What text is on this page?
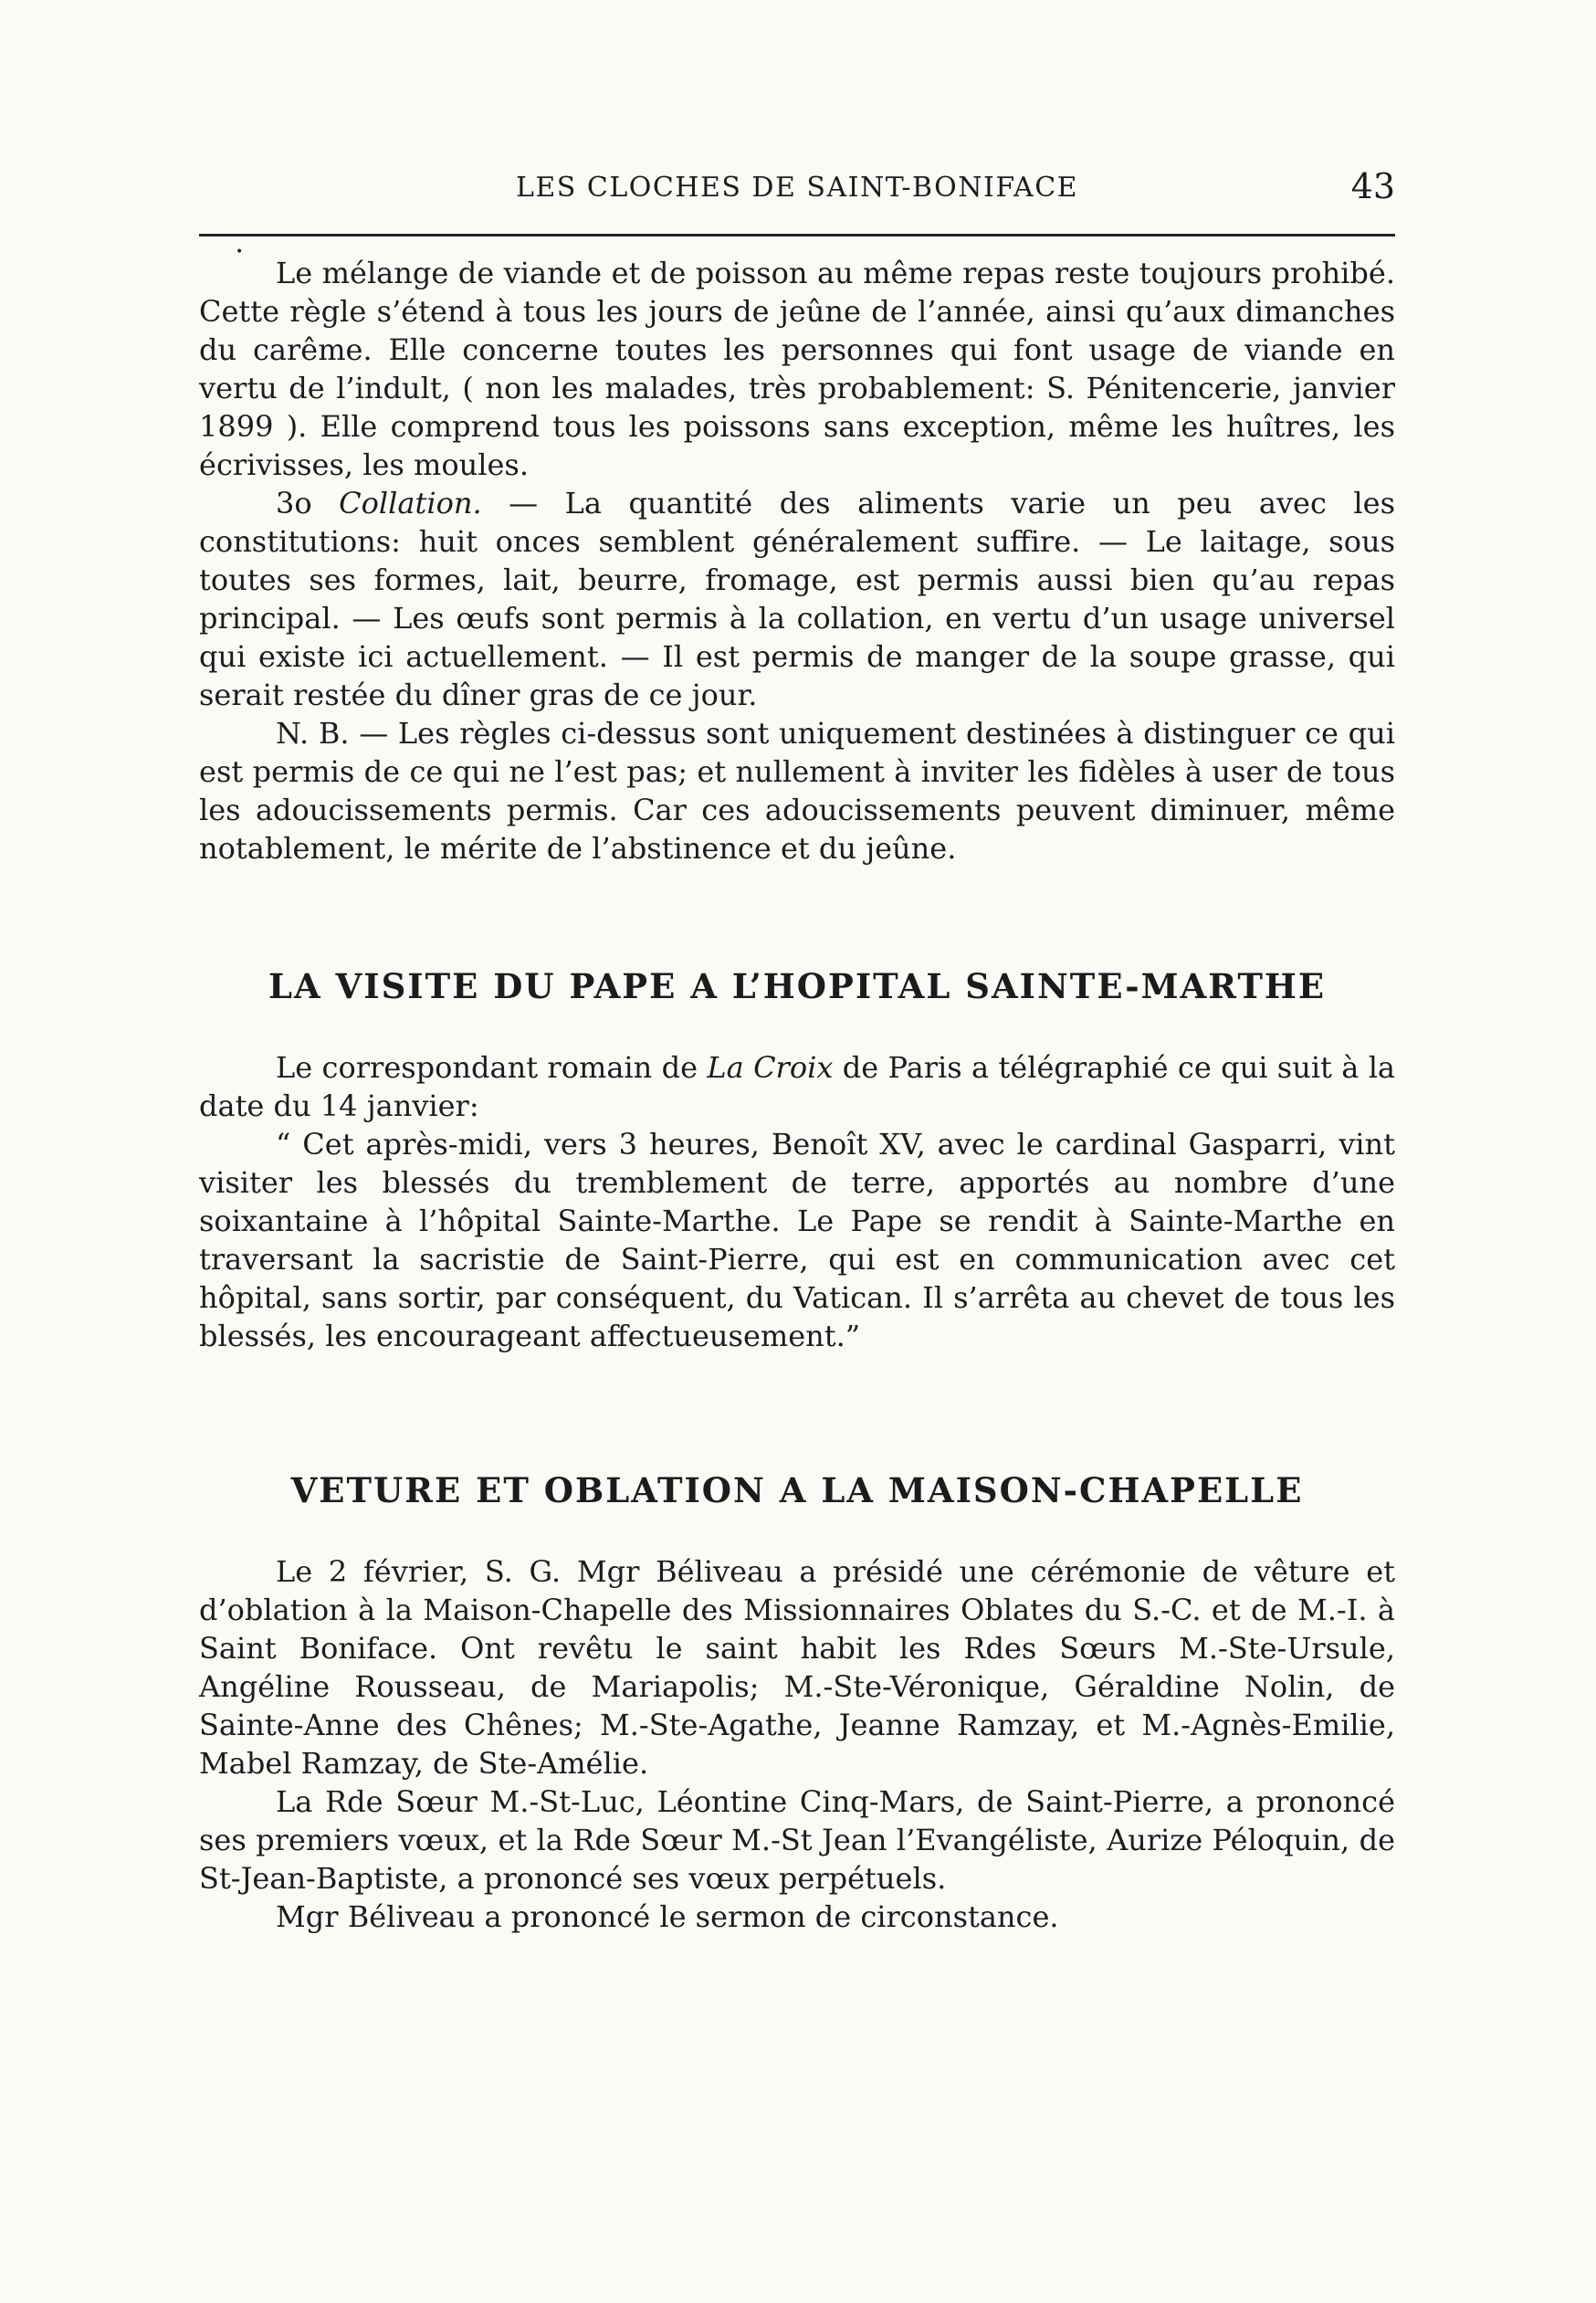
LES CLOCHES DE SAINT-BONIFACE	43
•

Le mélange de viande et de poisson au même repas reste toujours prohibé. Cette règle s’étend à tous les jours de jeûne de l’année, ainsi qu’aux dimanches du carême. Elle concerne toutes les personnes qui font usage de viande en vertu de l’indult, ( non les malades, très probablement: S. Pénitencerie, janvier 1899 ). Elle comprend tous les poissons sans exception, même les huîtres, les écrivisses, les moules.

3o Collation. — La quantité des aliments varie un peu avec les constitutions: huit onces semblent généralement suffire. — Le laitage, sous toutes ses formes, lait, beurre, fromage, est permis aussi bien qu’au repas principal. — Les œufs sont permis à la collation, en vertu d’un usage universel qui existe ici actuellement. — Il est permis de manger de la soupe grasse, qui serait restée du dîner gras de ce jour.

N. B. — Les règles ci-dessus sont uniquement destinées à distinguer ce qui est permis de ce qui ne l’est pas; et nullement à inviter les fidèles à user de tous les adoucissements permis. Car ces adoucissements peuvent diminuer, même notablement, le mérite de l’abstinence et du jeûne.

LA VISITE DU PAPE A L’HOPITAL SAINTE-MARTHE

Le correspondant romain de La Croix de Paris a télégraphié ce qui suit à la date du 14 janvier:

“ Cet après-midi, vers 3 heures, Benoît XV, avec le cardinal Gasparri, vint visiter les blessés du tremblement de terre, apportés au nombre d’une soixantaine à l’hôpital Sainte-Marthe. Le Pape se rendit à Sainte-Marthe en traversant la sacristie de Saint-Pierre, qui est en communication avec cet hôpital, sans sortir, par conséquent, du Vatican. Il s’arrêta au chevet de tous les blessés, les encourageant affectueusement.”

VETURE ET OBLATION A LA MAISON-CHAPELLE

Le 2 février, S. G. Mgr Béliveau a présidé une cérémonie de vêture et d’oblation à la Maison-Chapelle des Missionnaires Oblates du S.-C. et de M.-I. à Saint Boniface. Ont revêtu le saint habit les Rdes Sœurs M.-Ste-Ursule, Angéline Rousseau, de Mariapolis; M.-Ste-Véronique, Géraldine Nolin, de Sainte-Anne des Chênes; M.-Ste-Agathe, Jeanne Ramzay, et M.-Agnès-Emilie, Mabel Ramzay, de Ste-Amélie.

La Rde Sœur M.-St-Luc, Léontine Cinq-Mars, de Saint-Pierre, a prononcé ses premiers vœux, et la Rde Sœur M.-St Jean l’Evangéliste, Aurize Péloquin, de St-Jean-Baptiste, a prononcé ses vœux perpétuels.

Mgr Béliveau a prononcé le sermon de circonstance.
